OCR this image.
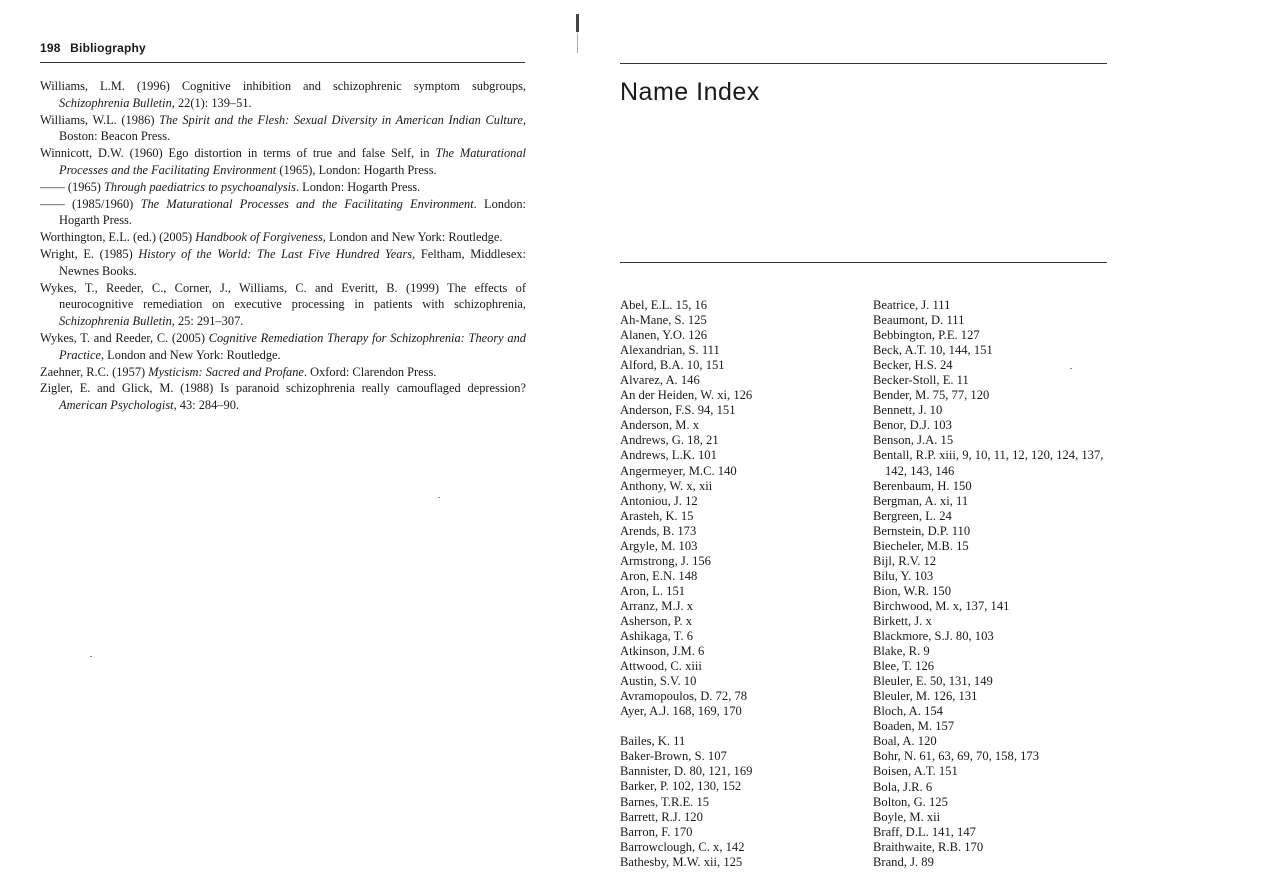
198 Bibliography

Williams, L.M. (1996) Cognitive inhibition and schizophrenic symptom subgroups, Schizophrenia Bulletin, 22(1): 139–51.

Williams, W.L. (1986) The Spirit and the Flesh: Sexual Diversity in American Indian Culture, Boston: Beacon Press.

Winnicott, D.W. (1960) Ego distortion in terms of true and false Self, in The Maturational Processes and the Facilitating Environment (1965), London: Hogarth Press.

—— (1965) Through paediatrics to psychoanalysis. London: Hogarth Press.

—— (1985/1960) The Maturational Processes and the Facilitating Environment. London: Hogarth Press.

Worthington, E.L. (ed.) (2005) Handbook of Forgiveness, London and New York: Routledge.

Wright, E. (1985) History of the World: The Last Five Hundred Years, Feltham, Middlesex: Newnes Books.

Wykes, T., Reeder, C., Corner, J., Williams, C. and Everitt, B. (1999) The effects of neurocognitive remediation on executive processing in patients with schizophrenia, Schizophrenia Bulletin, 25: 291–307.

Wykes, T. and Reeder, C. (2005) Cognitive Remediation Therapy for Schizophrenia: Theory and Practice, London and New York: Routledge.

Zaehner, R.C. (1957) Mysticism: Sacred and Profane. Oxford: Clarendon Press.

Zigler, E. and Glick, M. (1988) Is paranoid schizophrenia really camouflaged depression? American Psychologist, 43: 284–90.

Name Index
Abel, E.L. 15, 16
Ah-Mane, S. 125
Alanen, Y.O. 126
Alexandrian, S. 111
Alford, B.A. 10, 151
Alvarez, A. 146
An der Heiden, W. xi, 126
Anderson, F.S. 94, 151
Anderson, M. x
Andrews, G. 18, 21
Andrews, L.K. 101
Angermeyer, M.C. 140
Anthony, W. x, xii
Antoniou, J. 12
Arasteh, K. 15
Arends, B. 173
Argyle, M. 103
Armstrong, J. 156
Aron, E.N. 148
Aron, L. 151
Arranz, M.J. x
Asherson, P. x
Ashikaga, T. 6
Atkinson, J.M. 6
Attwood, C. xiii
Austin, S.V. 10
Avramopoulos, D. 72, 78
Ayer, A.J. 168, 169, 170
Bailes, K. 11
Baker-Brown, S. 107
Bannister, D. 80, 121, 169
Barker, P. 102, 130, 152
Barnes, T.R.E. 15
Barrett, R.J. 120
Barron, F. 170
Barrowclough, C. x, 142
Bathesby, M.W. xii, 125
Beatrice, J. 111
Beaumont, D. 111
Bebbington, P.E. 127
Beck, A.T. 10, 144, 151
Becker, H.S. 24
Becker-Stoll, E. 11
Bender, M. 75, 77, 120
Bennett, J. 10
Benor, D.J. 103
Benson, J.A. 15
Bentall, R.P. xiii, 9, 10, 11, 12, 120, 124, 137, 142, 143, 146
Berenbaum, H. 150
Bergman, A. xi, 11
Bergreen, L. 24
Bernstein, D.P. 110
Biecheler, M.B. 15
Bijl, R.V. 12
Bilu, Y. 103
Bion, W.R. 150
Birchwood, M. x, 137, 141
Birkett, J. x
Blackmore, S.J. 80, 103
Blake, R. 9
Blee, T. 126
Bleuler, E. 50, 131, 149
Bleuler, M. 126, 131
Bloch, A. 154
Boaden, M. 157
Boal, A. 120
Bohr, N. 61, 63, 69, 70, 158, 173
Boisen, A.T. 151
Bola, J.R. 6
Bolton, G. 125
Boyle, M. xii
Braff, D.L. 141, 147
Braithwaite, R.B. 170
Brand, J. 89
